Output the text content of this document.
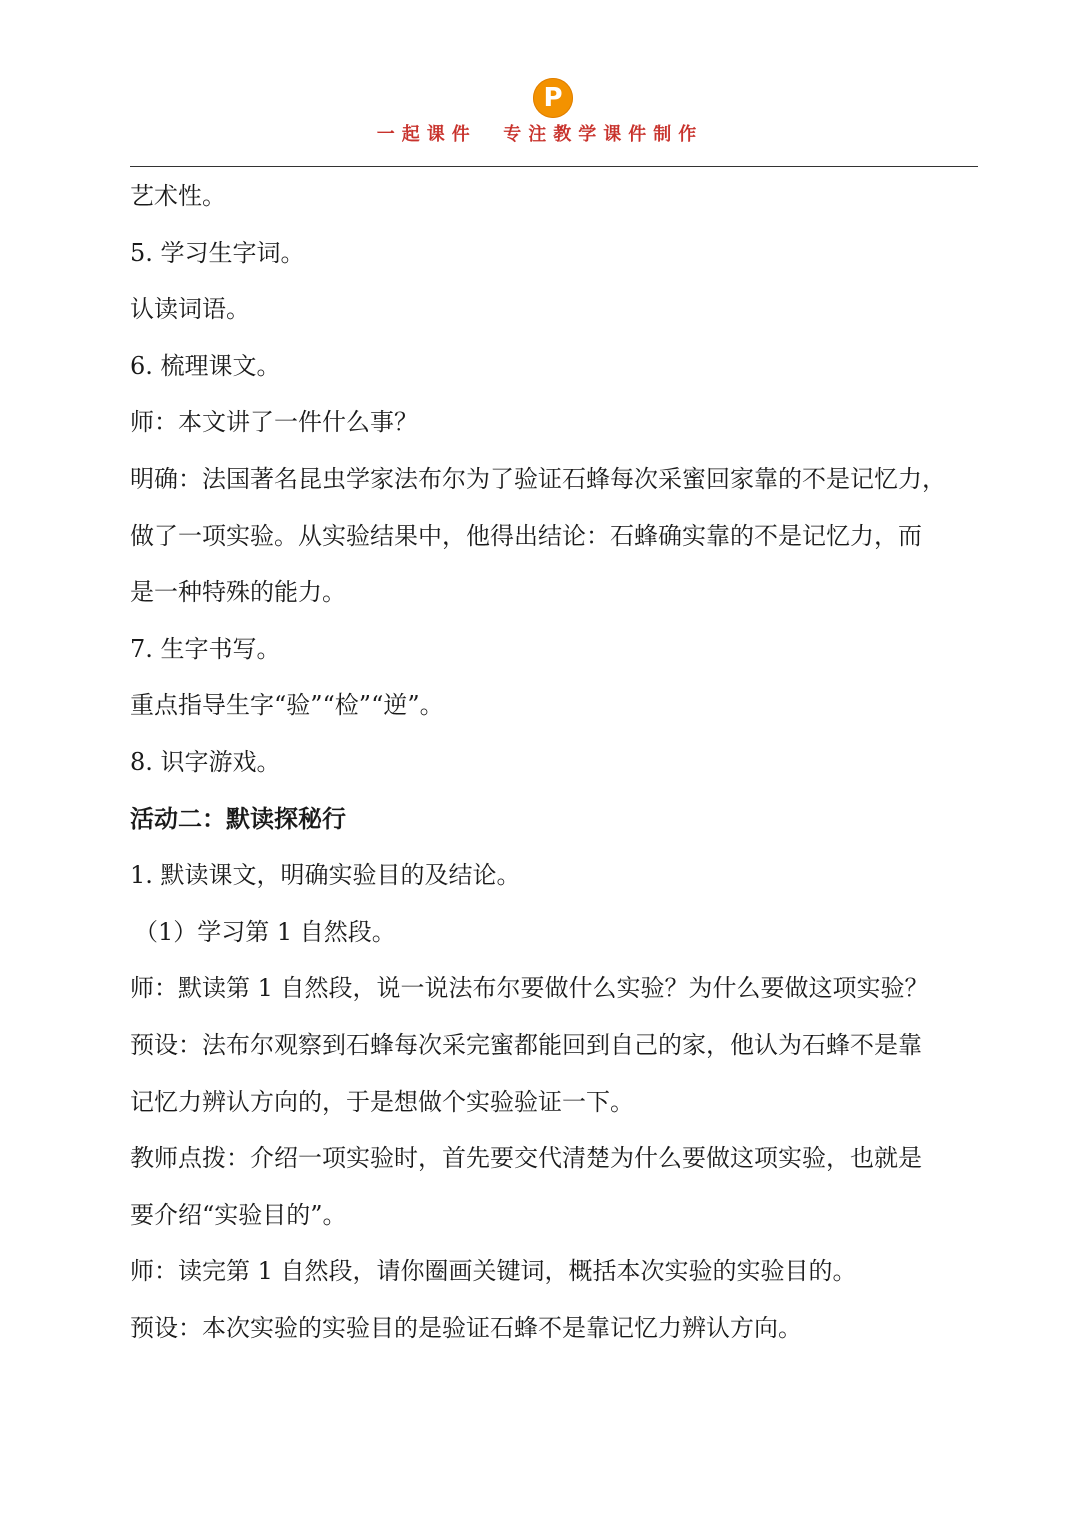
P
一起课件  专注教学课件制作
艺术性。
5. 学习生字词。
认读词语。
6. 梳理课文。
师：本文讲了一件什么事？
明确：法国著名昆虫学家法布尔为了验证石蜂每次采蜜回家靠的不是记忆力，
做了一项实验。从实验结果中，他得出结论：石蜂确实靠的不是记忆力，而
是一种特殊的能力。
7. 生字书写。
重点指导生字“验”“检”“逆”。
8. 识字游戏。
活动二：默读探秘行
1. 默读课文，明确实验目的及结论。
（1）学习第 1 自然段。
师：默读第 1 自然段，说一说法布尔要做什么实验？为什么要做这项实验？
预设：法布尔观察到石蜂每次采完蜜都能回到自己的家，他认为石蜂不是靠
记忆力辨认方向的，于是想做个实验验证一下。
教师点拨：介绍一项实验时，首先要交代清楚为什么要做这项实验，也就是
要介绍“实验目的”。
师：读完第 1 自然段，请你圈画关键词，概括本次实验的实验目的。
预设：本次实验的实验目的是验证石蜂不是靠记忆力辨认方向。
